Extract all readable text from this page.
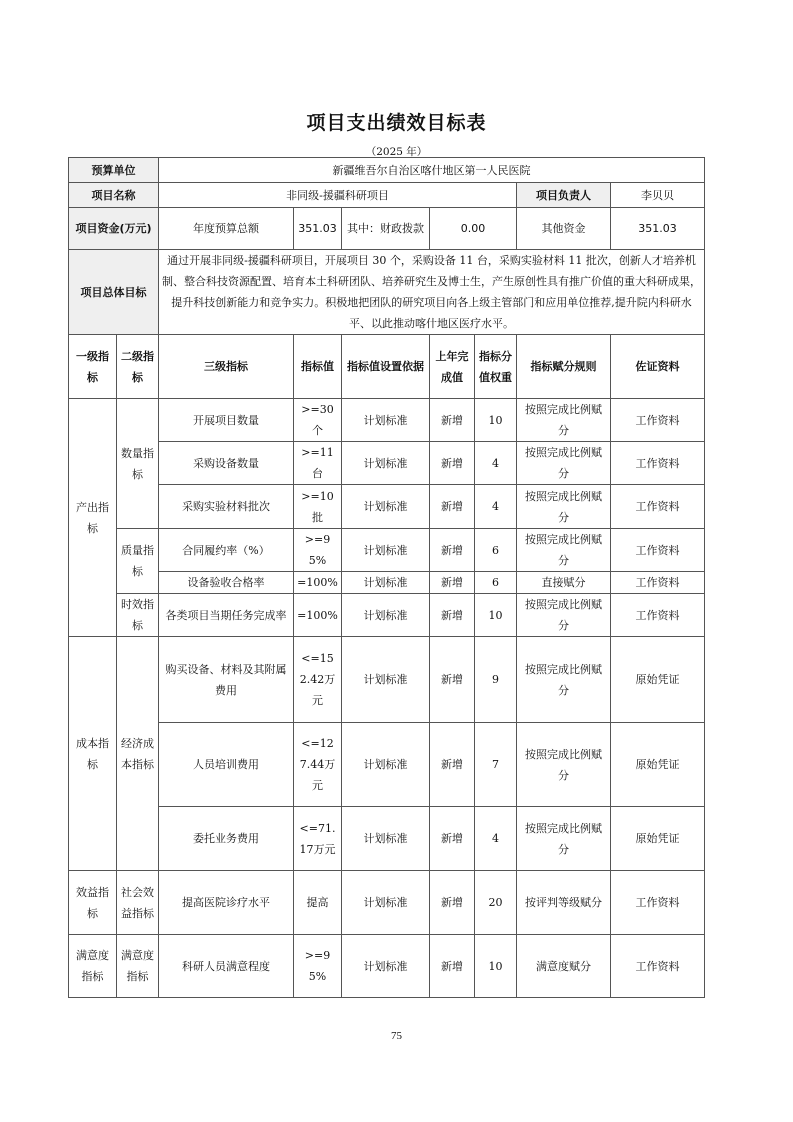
项目支出绩效目标表
（2025 年）
预算单位		新疆维吾尔自治区喀什地区第一人民医院						
项目名称		非同级-援疆科研项目					项目负责人	李贝贝
项目资金(万元)		年度预算总额	351.03	其中：财政拨款	0.00		其他资金	351.03
项目总体目标		通过开展非同级-援疆科研项目，开展项目 30 个，采购设备 11 台，采购实验材料 11 批次，创新人才培养机制、整合科技资源配置、培育本土科研团队、培养研究生及博士生，产生原创性具有推广价值的重大科研成果，提升科技创新能力和竞争实力。积极地把团队的研究项目向各上级主管部门和应用单位推荐,提升院内科研水平、以此推动喀什地区医疗水平。						
一级指标	二级指标	三级指标	指标值	指标值设置依据	上年完成值	指标分值权重	指标赋分规则	佐证资料
产出指标	数量指标	开展项目数量	>=30个	计划标准	新增	10	按照完成比例赋分	工作资料
		采购设备数量	>=11台	计划标准	新增	4	按照完成比例赋分	工作资料
		采购实验材料批次	>=10批	计划标准	新增	4	按照完成比例赋分	工作资料
	质量指标	合同履约率（%）	>=95%	计划标准	新增	6	按照完成比例赋分	工作资料
		设备验收合格率	=100%	计划标准	新增	6	直接赋分	工作资料
	时效指标	各类项目当期任务完成率	=100%	计划标准	新增	10	按照完成比例赋分	工作资料
成本指标	经济成本指标	购买设备、材料及其附属费用	<=152.42万元	计划标准	新增	9	按照完成比例赋分	原始凭证
		人员培训费用	<=127.44万元	计划标准	新增	7	按照完成比例赋分	原始凭证
		委托业务费用	<=71.17万元	计划标准	新增	4	按照完成比例赋分	原始凭证
效益指标	社会效益指标	提高医院诊疗水平	提高	计划标准	新增	20	按评判等级赋分	工作资料
满意度指标	满意度指标	科研人员满意程度	>=95%	计划标准	新增	10	满意度赋分	工作资料
75
